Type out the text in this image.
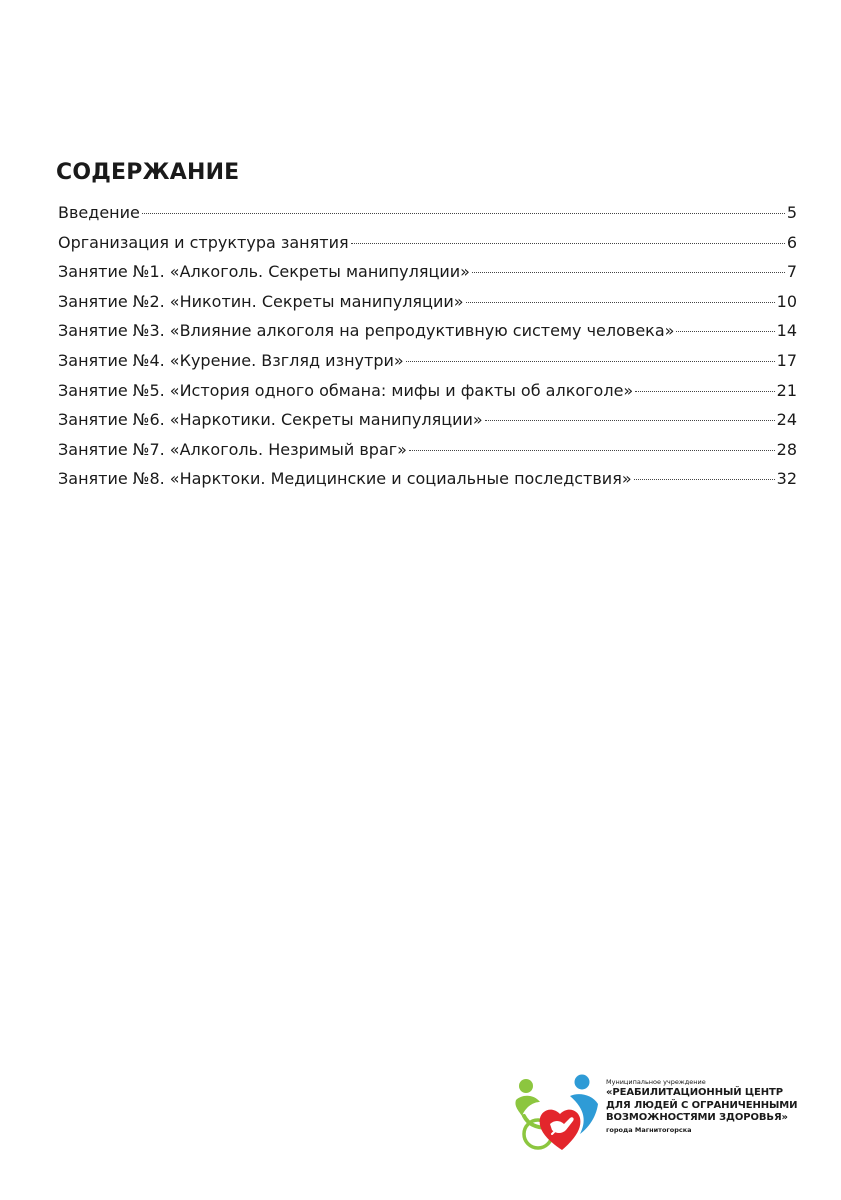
СОДЕРЖАНИЕ
Введение	5
Организация и структура занятия	6
Занятие №1. «Алкоголь. Секреты манипуляции»	7
Занятие №2. «Никотин. Секреты манипуляции»	10
Занятие №3. «Влияние алкоголя на репродуктивную систему человека»	14
Занятие №4. «Курение. Взгляд изнутри»	17
Занятие №5. «История одного обмана: мифы и факты об алкоголе»	21
Занятие №6. «Наркотики. Секреты манипуляции»	24
Занятие №7. «Алкоголь. Незримый враг»	28
Занятие №8. «Нарктоки. Медицинские и социальные последствия»	32
Муниципальное учреждение
«РЕАБИЛИТАЦИОННЫЙ ЦЕНТР
ДЛЯ ЛЮДЕЙ С ОГРАНИЧЕННЫМИ
ВОЗМОЖНОСТЯМИ ЗДОРОВЬЯ»
города Магнитогорска
